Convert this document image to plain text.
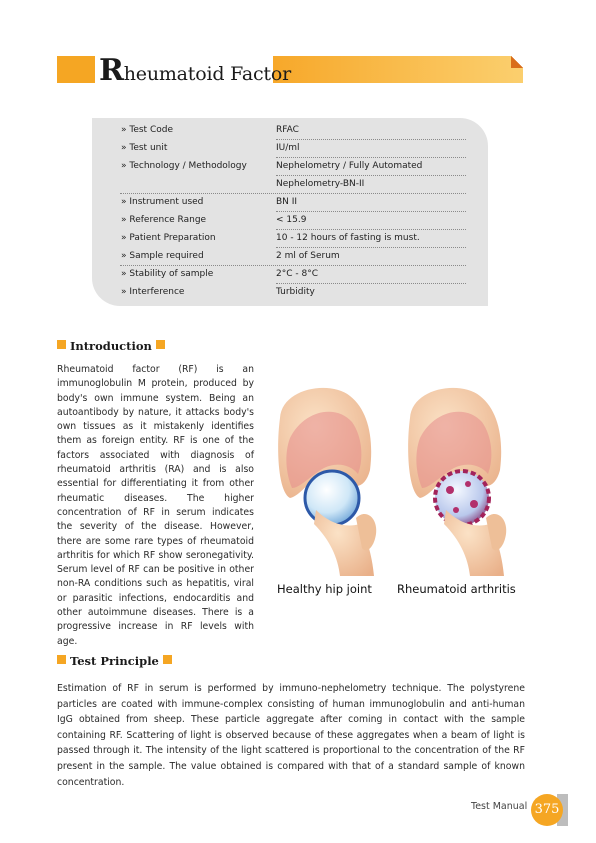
Rheumatoid Factor
» Test Code	RFAC
» Test unit	IU/ml
» Technology / Methodology	Nephelometry / Fully Automated
Nephelometry-BN-II
» Instrument used	BN II
» Reference Range	< 15.9
» Patient Preparation	10 - 12 hours of fasting is must.
» Sample required	2 ml of Serum
» Stability of sample	2°C - 8°C
» Interference	Turbidity
Introduction
Rheumatoid factor (RF) is an immunoglobulin M protein, produced by body's own immune system. Being an autoantibody by nature, it attacks body's own tissues as it mistakenly identifies them as foreign entity. RF is one of the factors associated with diagnosis of rheumatoid arthritis (RA) and is also essential for differentiating it from other rheumatic diseases. The higher concentration of RF in serum indicates the severity of the disease. However, there are some rare types of rheumatoid arthritis for which RF show seronegativity. Serum level of RF can be positive in other non-RA conditions such as hepatitis, viral or parasitic infections, endocarditis and other autoimmune diseases. There is a progressive increase in RF levels with age.
Healthy hip joint Rheumatoid arthritis
Test Principle
Estimation of RF in serum is performed by immuno-nephelometry technique. The polystyrene particles are coated with immune-complex consisting of human immunoglobulin and anti-human IgG obtained from sheep. These particle aggregate after coming in contact with the sample containing RF. Scattering of light is observed because of these aggregates when a beam of light is passed through it. The intensity of the light scattered is proportional to the concentration of the RF present in the sample. The value obtained is compared with that of a standard sample of known concentration.
Test Manual 375
